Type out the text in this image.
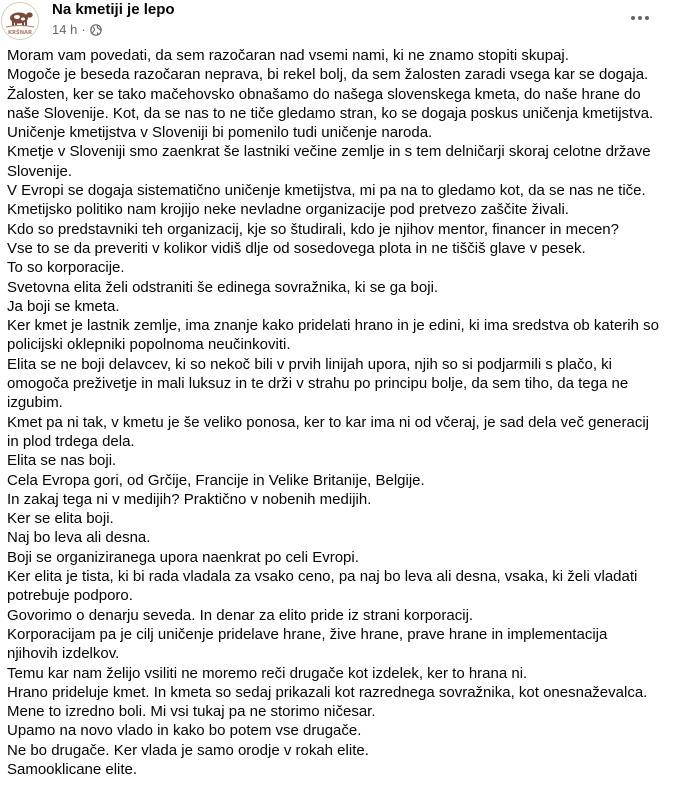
KRŠNAR
Na kmetiji je lepo
14 h ·

Moram vam povedati, da sem razočaran nad vsemi nami, ki ne znamo stopiti skupaj.

Mogoče je beseda razočaran neprava, bi rekel bolj, da sem žalosten zaradi vsega kar se dogaja.

Žalosten, ker se tako mačehovsko obnašamo do našega slovenskega kmeta, do naše hrane do naše Slovenije. Kot, da se nas to ne tiče gledamo stran, ko se dogaja poskus uničenja kmetijstva.

Uničenje kmetijstva v Sloveniji bi pomenilo tudi uničenje naroda.

Kmetje v Sloveniji smo zaenkrat še lastniki večine zemlje in s tem delničarji skoraj celotne države Slovenije.

V Evropi se dogaja sistematično uničenje kmetijstva, mi pa na to gledamo kot, da se nas ne tiče.

Kmetijsko politiko nam krojijo neke nevladne organizacije pod pretvezo zaščite živali.

Kdo so predstavniki teh organizacij, kje so študirali, kdo je njihov mentor, financer in mecen?

Vse to se da preveriti v kolikor vidiš dlje od sosedovega plota in ne tiščiš glave v pesek.

To so korporacije.

Svetovna elita želi odstraniti še edinega sovražnika, ki se ga boji.

Ja boji se kmeta.

Ker kmet je lastnik zemlje, ima znanje kako pridelati hrano in je edini, ki ima sredstva ob katerih so policijski oklepniki popolnoma neučinkoviti.

Elita se ne boji delavcev, ki so nekoč bili v prvih linijah upora, njih so si podjarmili s plačo, ki omogoča preživetje in mali luksuz in te drži v strahu po principu bolje, da sem tiho, da tega ne izgubim.

Kmet pa ni tak, v kmetu je še veliko ponosa, ker to kar ima ni od včeraj, je sad dela več generacij in plod trdega dela.

Elita se nas boji.

Cela Evropa gori, od Grčije, Francije in Velike Britanije, Belgije.

In zakaj tega ni v medijih? Praktično v nobenih medijih.

Ker se elita boji.

Naj bo leva ali desna.

Boji se organiziranega upora naenkrat po celi Evropi.

Ker elita je tista, ki bi rada vladala za vsako ceno, pa naj bo leva ali desna, vsaka, ki želi vladati potrebuje podporo.

Govorimo o denarju seveda. In denar za elito pride iz strani korporacij.

Korporacijam pa je cilj uničenje pridelave hrane, žive hrane, prave hrane in implementacija njihovih izdelkov.

Temu kar nam želijo vsiliti ne moremo reči drugače kot izdelek, ker to hrana ni.

Hrano prideluje kmet. In kmeta so sedaj prikazali kot razrednega sovražnika, kot onesnaževalca.

Mene to izredno boli. Mi vsi tukaj pa ne storimo ničesar.

Upamo na novo vlado in kako bo potem vse drugače.

Ne bo drugače. Ker vlada je samo orodje v rokah elite.

Samooklicane elite.
